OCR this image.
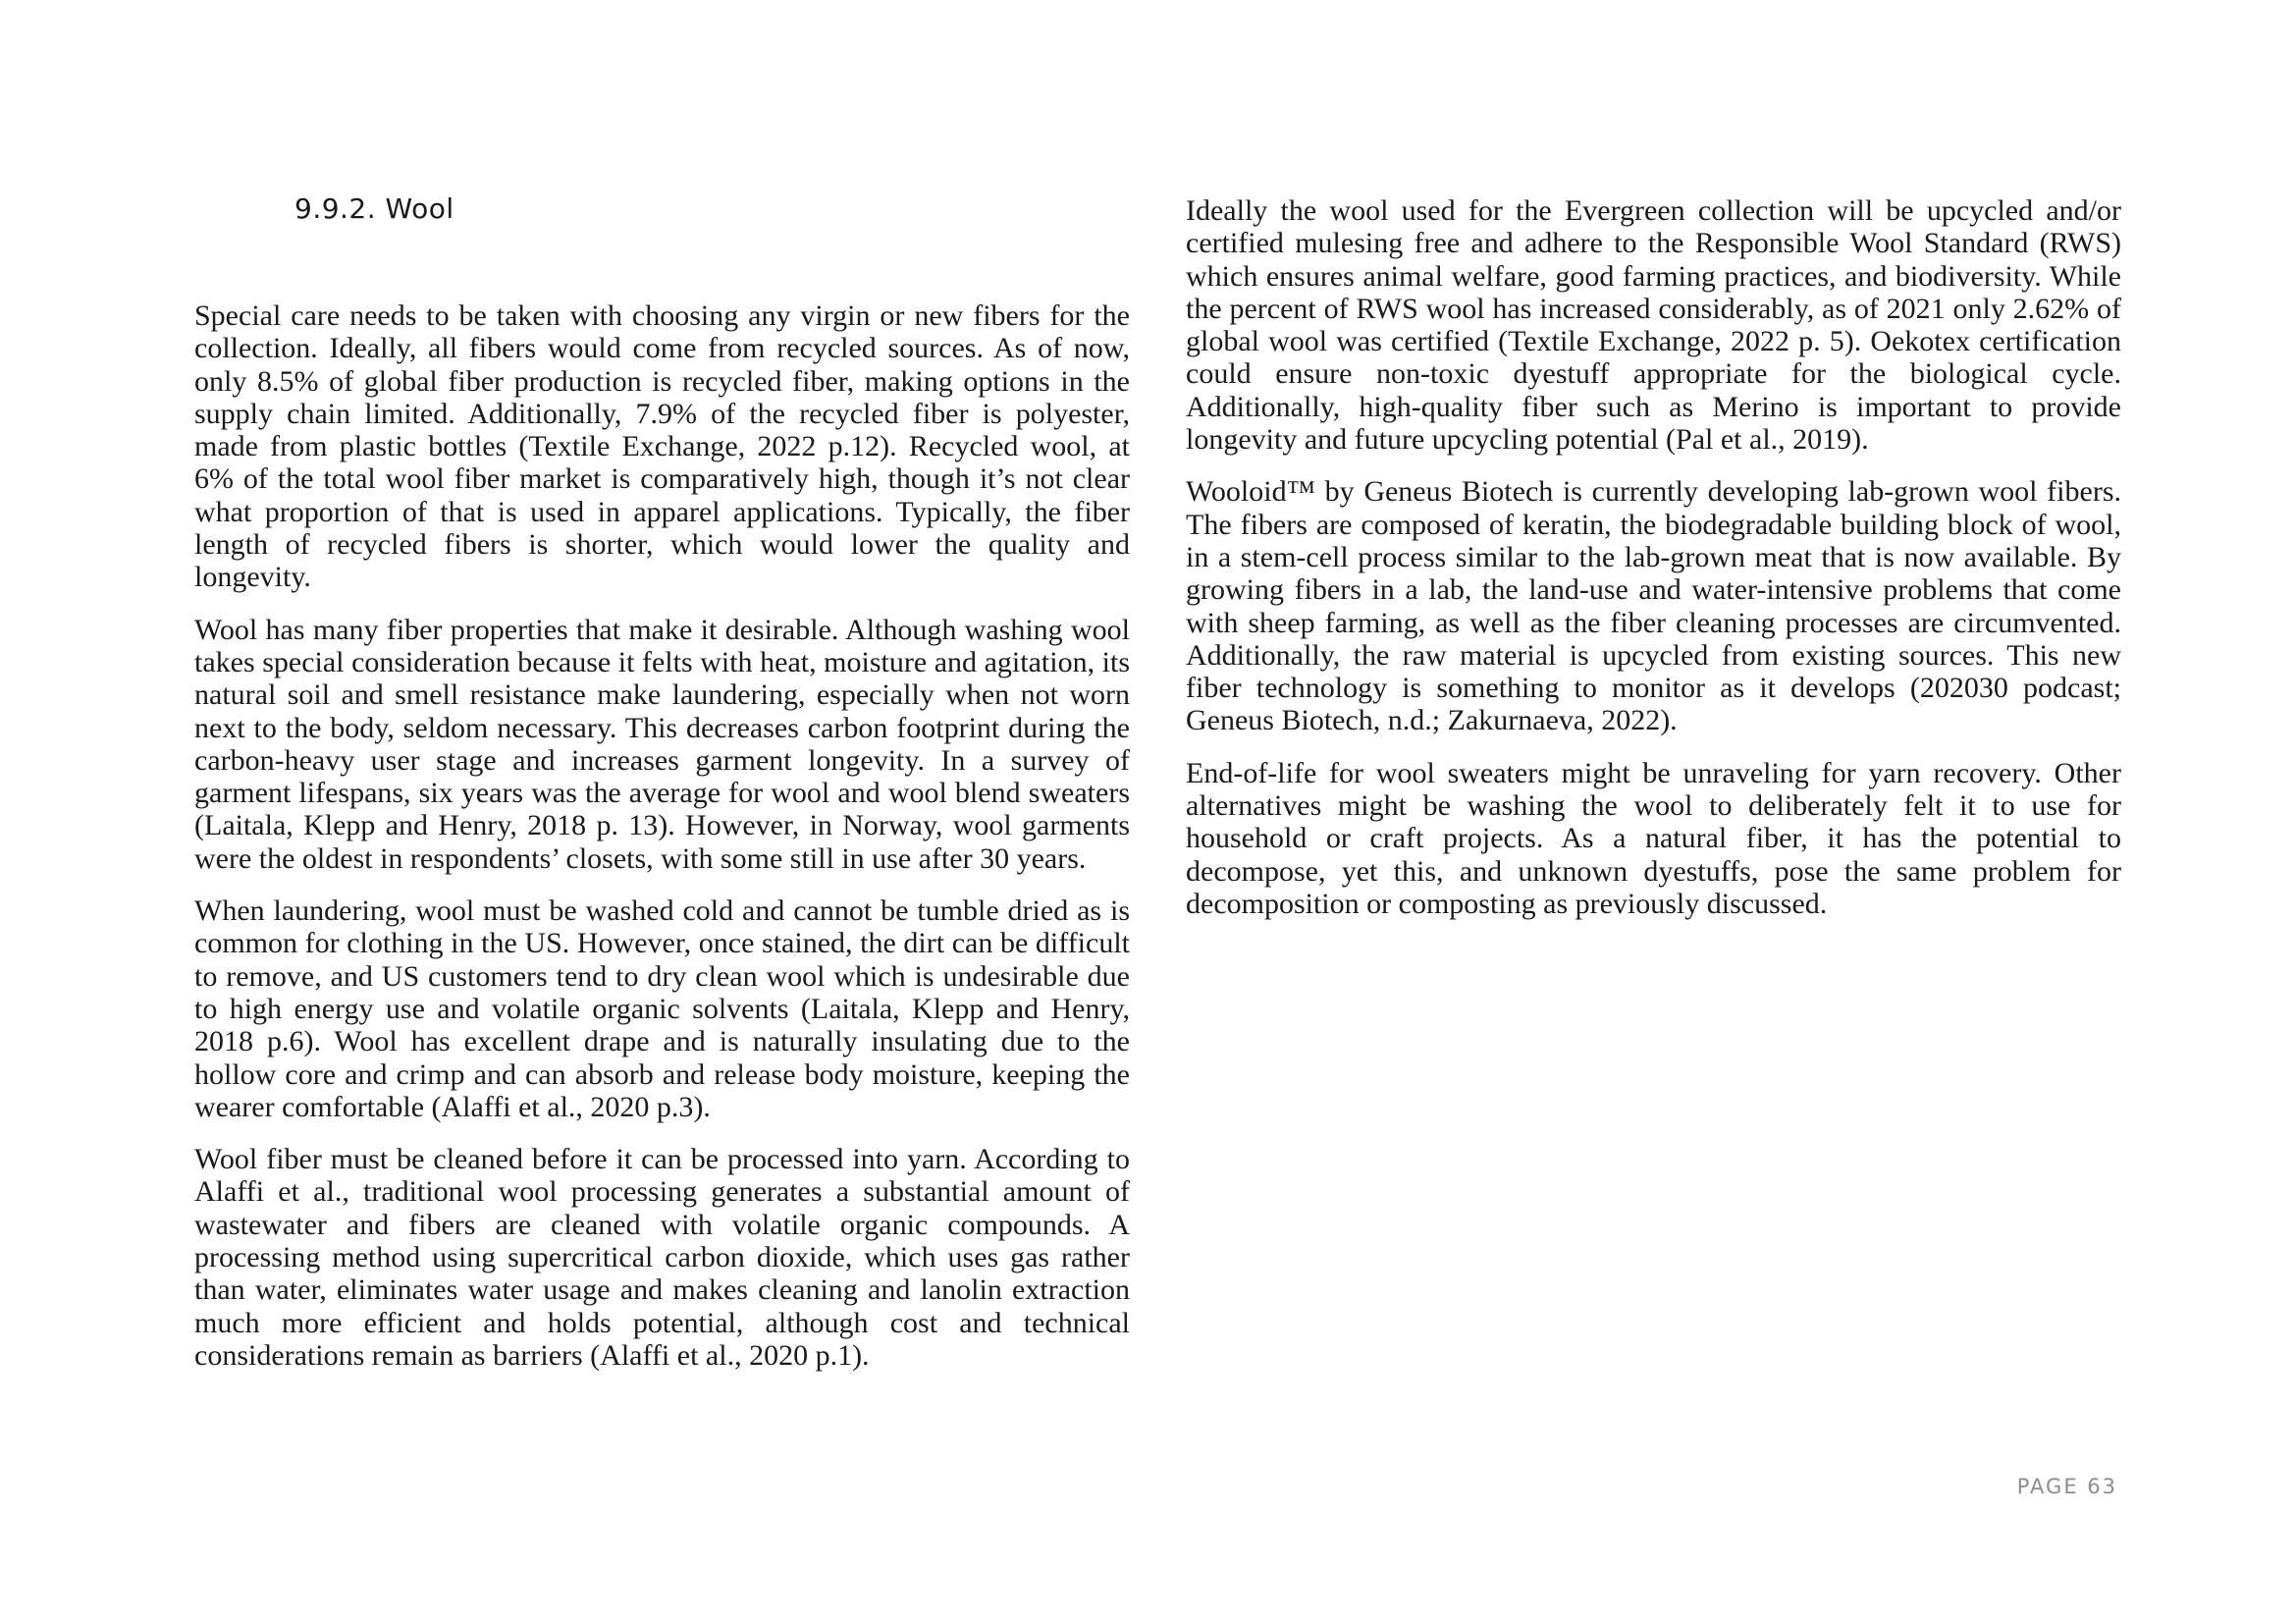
9.9.2. Wool

Special care needs to be taken with choosing any virgin or new fibers for the collection. Ideally, all fibers would come from recycled sources. As of now, only 8.5% of global fiber production is recycled fiber, making options in the supply chain limited. Additionally, 7.9% of the recycled fiber is polyester, made from plastic bottles (Textile Exchange, 2022 p.12). Recycled wool, at 6% of the total wool fiber market is comparatively high, though it’s not clear what proportion of that is used in apparel applications. Typically, the fiber length of recycled fibers is shorter, which would lower the quality and longevity.

Wool has many fiber properties that make it desirable. Although washing wool takes special consideration because it felts with heat, moisture and agitation, its natural soil and smell resistance make laundering, especially when not worn next to the body, seldom necessary. This decreases carbon footprint during the carbon-heavy user stage and increases garment longevity. In a survey of garment lifespans, six years was the average for wool and wool blend sweaters (Laitala, Klepp and Henry, 2018 p. 13). However, in Norway, wool garments were the oldest in respondents’ closets, with some still in use after 30 years.

When laundering, wool must be washed cold and cannot be tumble dried as is common for clothing in the US. However, once stained, the dirt can be difficult to remove, and US customers tend to dry clean wool which is undesirable due to high energy use and volatile organic solvents (Laitala, Klepp and Henry, 2018 p.6). Wool has excellent drape and is naturally insulating due to the hollow core and crimp and can absorb and release body moisture, keeping the wearer comfortable (Alaffi et al., 2020 p.3).

Wool fiber must be cleaned before it can be processed into yarn. According to Alaffi et al., traditional wool processing generates a substantial amount of wastewater and fibers are cleaned with volatile organic compounds. A processing method using supercritical carbon dioxide, which uses gas rather than water, eliminates water usage and makes cleaning and lanolin extraction much more efficient and holds potential, although cost and technical considerations remain as barriers (Alaffi et al., 2020 p.1).

Ideally the wool used for the Evergreen collection will be upcycled and/or certified mulesing free and adhere to the Responsible Wool Standard (RWS) which ensures animal welfare, good farming practices, and biodiversity. While the percent of RWS wool has increased considerably, as of 2021 only 2.62% of global wool was certified (Textile Exchange, 2022 p. 5). Oekotex certification could ensure non-toxic dyestuff appropriate for the biological cycle. Additionally, high-quality fiber such as Merino is important to provide longevity and future upcycling potential (Pal et al., 2019).

Wooloid™ by Geneus Biotech is currently developing lab-grown wool fibers. The fibers are composed of keratin, the biodegradable building block of wool, in a stem-cell process similar to the lab-grown meat that is now available. By growing fibers in a lab, the land-use and water-intensive problems that come with sheep farming, as well as the fiber cleaning processes are circumvented. Additionally, the raw material is upcycled from existing sources. This new fiber technology is something to monitor as it develops (202030 podcast; Geneus Biotech, n.d.; Zakurnaeva, 2022).

End-of-life for wool sweaters might be unraveling for yarn recovery. Other alternatives might be washing the wool to deliberately felt it to use for household or craft projects. As a natural fiber, it has the potential to decompose, yet this, and unknown dyestuffs, pose the same problem for decomposition or composting as previously discussed.

PAGE 63
